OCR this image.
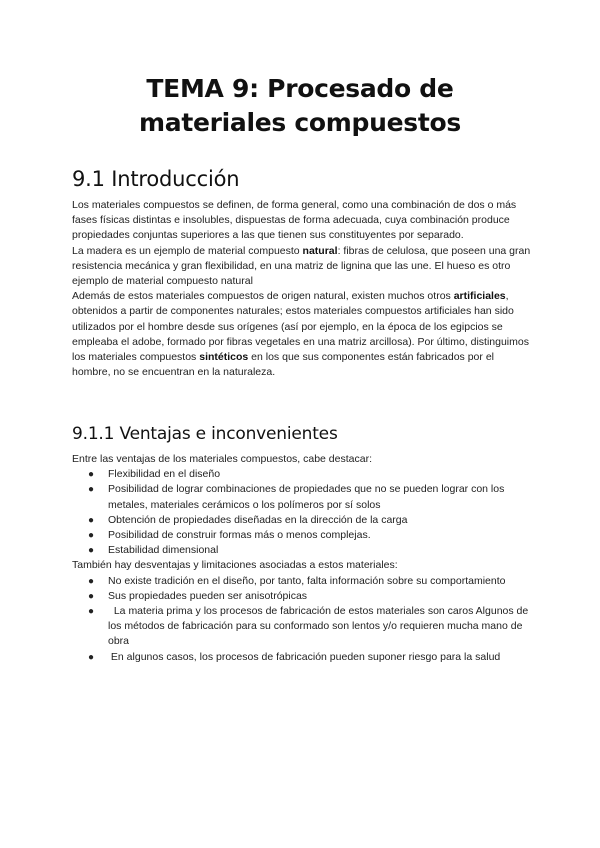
TEMA 9: Procesado de
materiales compuestos
9.1 Introducción

Los materiales compuestos se definen, de forma general, como una combinación de dos o más fases físicas distintas e insolubles, dispuestas de forma adecuada, cuya combinación produce propiedades conjuntas superiores a las que tienen sus constituyentes por separado.

La madera es un ejemplo de material compuesto natural: fibras de celulosa, que poseen una gran resistencia mecánica y gran flexibilidad, en una matriz de lignina que las une. El hueso es otro ejemplo de material compuesto natural

Además de estos materiales compuestos de origen natural, existen muchos otros artificiales, obtenidos a partir de componentes naturales; estos materiales compuestos artificiales han sido utilizados por el hombre desde sus orígenes (así por ejemplo, en la época de los egipcios se empleaba el adobe, formado por fibras vegetales en una matriz arcillosa). Por último, distinguimos los materiales compuestos sintéticos en los que sus componentes están fabricados por el hombre, no se encuentran en la naturaleza.

9.1.1 Ventajas e inconvenientes

Entre las ventajas de los materiales compuestos, cabe destacar:

● Flexibilidad en el diseño
● Posibilidad de lograr combinaciones de propiedades que no se pueden lograr con los metales, materiales cerámicos o los polímeros por sí solos
● Obtención de propiedades diseñadas en la dirección de la carga
● Posibilidad de construir formas más o menos complejas.
● Estabilidad dimensional

También hay desventajas y limitaciones asociadas a estos materiales:

● No existe tradición en el diseño, por tanto, falta información sobre su comportamiento
● Sus propiedades pueden ser anisotrópicas
● La materia prima y los procesos de fabricación de estos materiales son caros Algunos de los métodos de fabricación para su conformado son lentos y/o requieren mucha mano de obra
● En algunos casos, los procesos de fabricación pueden suponer riesgo para la salud
